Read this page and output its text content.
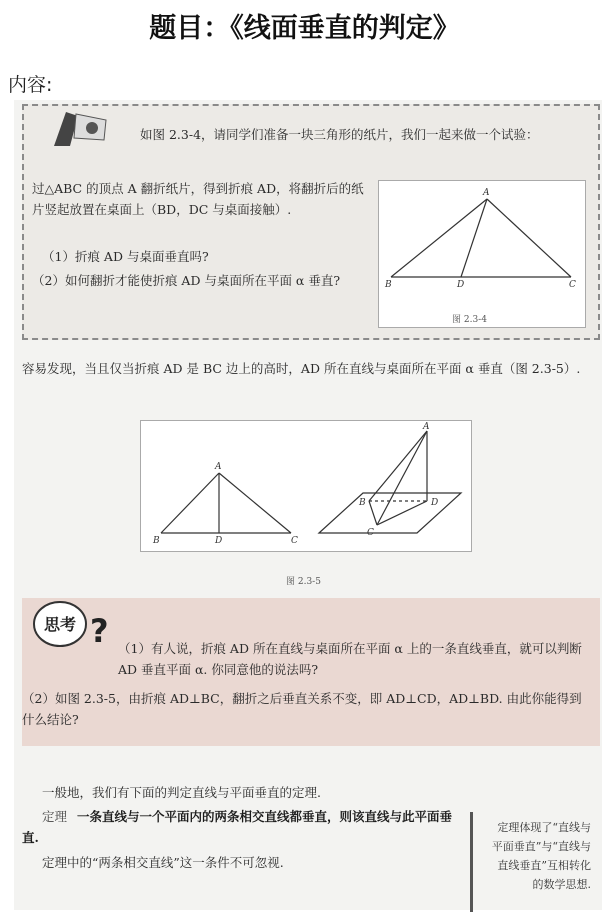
题目：《线面垂直的判定》
内容:
如图 2.3-4，请同学们准备一块三角形的纸片，我们一起来做一个试验：
过△ABC 的顶点 A 翻折纸片，得到折痕 AD，将翻折后的纸片竖起放置在桌面上（BD，DC 与桌面接触）.
（1）折痕 AD 与桌面垂直吗?
（2）如何翻折才能使折痕 AD 与桌面所在平面 α 垂直?
A
B	D	C
图 2.3-4
容易发现，当且仅当折痕 AD 是 BC 边上的高时，AD 所在直线与桌面所在平面 α 垂直（图 2.3-5）.
A
B	D	C
A
B	D
C
图 2.3-5
?
思考
（1）有人说，折痕 AD 所在直线与桌面所在平面 α 上的一条直线垂直，就可以判断 AD 垂直平面 α. 你同意他的说法吗?
（2）如图 2.3-5，由折痕 AD⊥BC，翻折之后垂直关系不变，即 AD⊥CD，AD⊥BD. 由此你能得到什么结论?
一般地，我们有下面的判定直线与平面垂直的定理.
定理 一条直线与一个平面内的两条相交直线都垂直，则该直线与此平面垂直.
定理中的“两条相交直线”这一条件不可忽视.
定理体现了“直线与平面垂直”与“直线与直线垂直”互相转化的数学思想.
